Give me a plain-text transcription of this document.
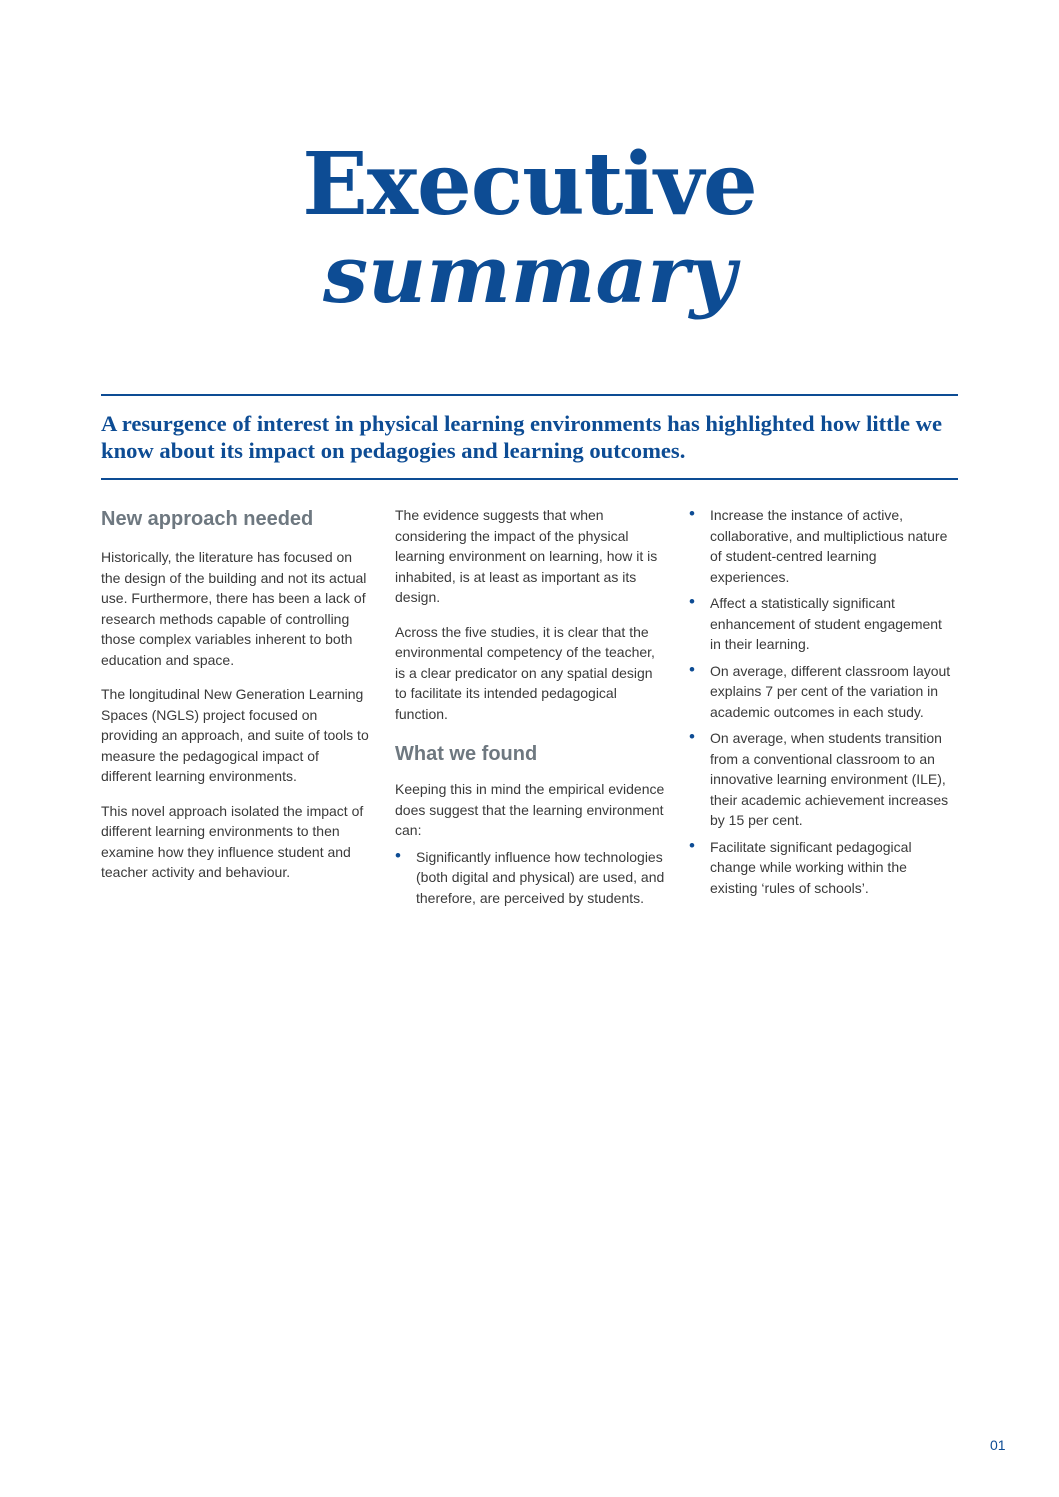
Executive
summary
A resurgence of interest in physical learning environments has highlighted how little we know about its impact on pedagogies and learning outcomes.
New approach needed

Historically, the literature has focused on the design of the building and not its actual use. Furthermore, there has been a lack of research methods capable of controlling those complex variables inherent to both education and space.

The longitudinal New Generation Learning Spaces (NGLS) project focused on providing an approach, and suite of tools to measure the pedagogical impact of different learning environments.

This novel approach isolated the impact of different learning environments to then examine how they influence student and teacher activity and behaviour.

The evidence suggests that when considering the impact of the physical learning environment on learning, how it is inhabited, is at least as important as its design.

Across the five studies, it is clear that the environmental competency of the teacher, is a clear predicator on any spatial design to facilitate its intended pedagogical function.

What we found

Keeping this in mind the empirical evidence does suggest that the learning environment can:

• Significantly influence how technologies (both digital and physical) are used, and therefore, are perceived by students.
• Increase the instance of active, collaborative, and multiplictious nature of student-centred learning experiences.
• Affect a statistically significant enhancement of student engagement in their learning.
• On average, different classroom layout explains 7 per cent of the variation in academic outcomes in each study.
• On average, when students transition from a conventional classroom to an innovative learning environment (ILE), their academic achievement increases by 15 per cent.
• Facilitate significant pedagogical change while working within the existing ‘rules of schools’.
01
